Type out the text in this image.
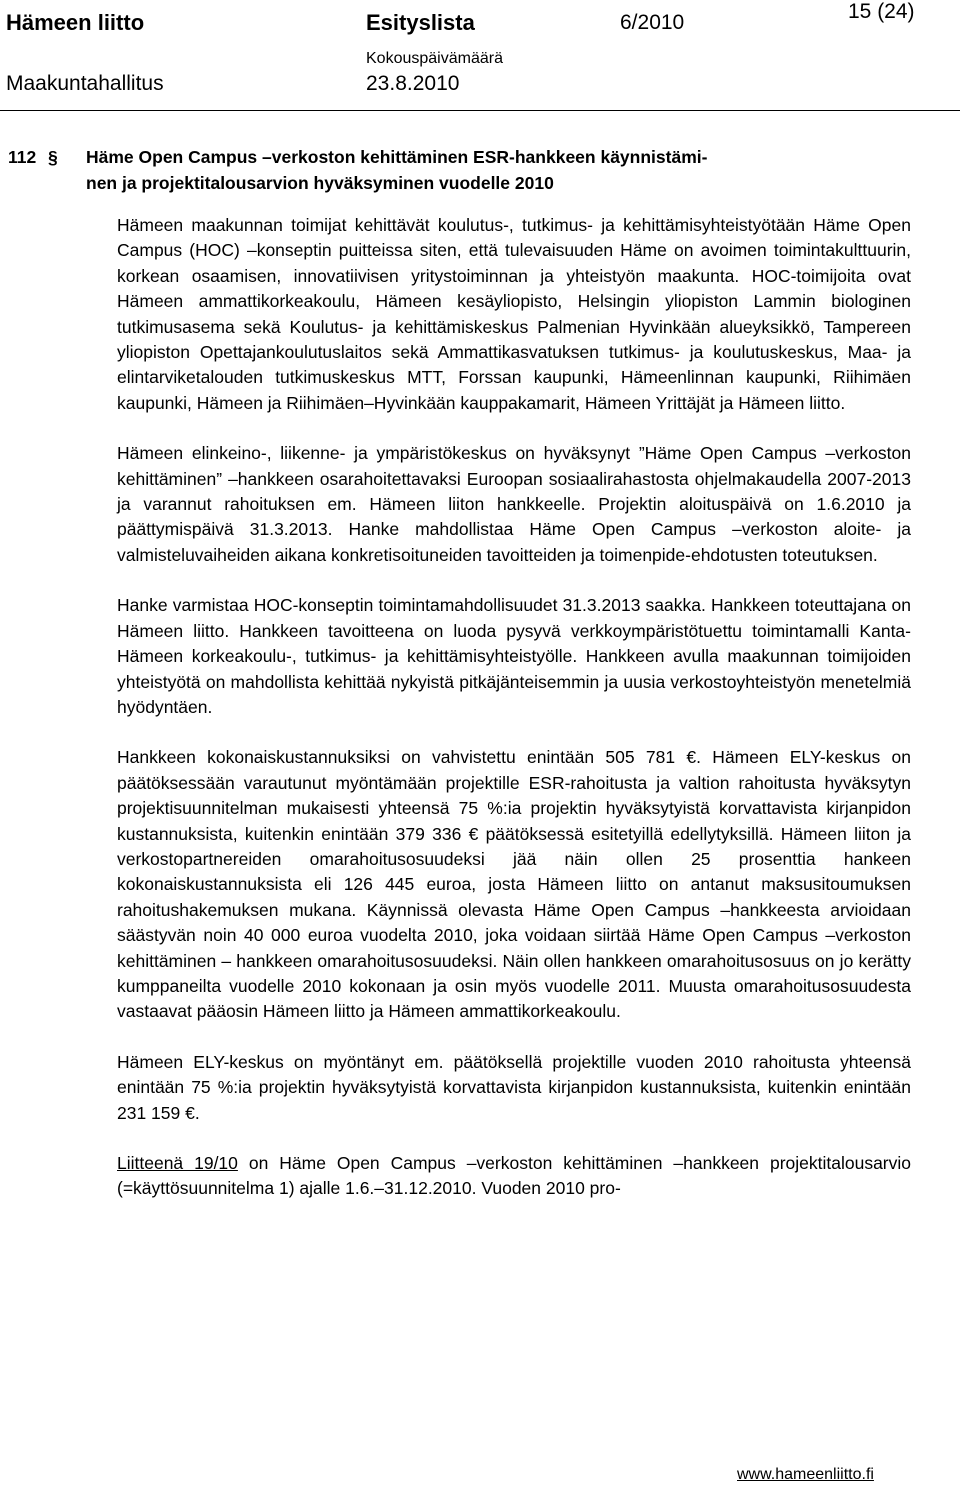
Hämeen liitto	Esityslista	6/2010	15 (24)
Maakuntahallitus
Kokouspäivämäärä
23.8.2010
112 § Häme Open Campus –verkoston kehittäminen ESR-hankkeen käynnistämi-
nen ja projektitalousarvion hyväksyminen vuodelle 2010

Hämeen maakunnan toimijat kehittävät koulutus-, tutkimus- ja kehittämisyhteistyötään Häme Open Campus (HOC) –konseptin puitteissa siten, että tulevaisuuden Häme on avoimen toimintakulttuurin, korkean osaamisen, innovatiivisen yritystoiminnan ja yhteistyön maakunta. HOC-toimijoita ovat Hämeen ammattikorkeakoulu, Hämeen kesäyliopisto, Helsingin yliopiston Lammin biologinen tutkimusasema sekä Koulutus- ja kehittämiskeskus Palmenian Hyvinkään alueyksikkö, Tampereen yliopiston Opettajankoulutuslaitos sekä Ammattikasvatuksen tutkimus- ja koulutuskeskus, Maa- ja elintarviketalouden tutkimuskeskus MTT, Forssan kaupunki, Hämeenlinnan kaupunki, Riihimäen kaupunki, Hämeen ja Riihimäen–Hyvinkään kauppakamarit, Hämeen Yrittäjät ja Hämeen liitto.

Hämeen elinkeino-, liikenne- ja ympäristökeskus on hyväksynyt ”Häme Open Campus –verkoston kehittäminen” –hankkeen osarahoitettavaksi Euroopan sosiaalirahastosta ohjelmakaudella 2007-2013 ja varannut rahoituksen em. Hämeen liiton hankkeelle. Projektin aloituspäivä on 1.6.2010 ja päättymispäivä 31.3.2013. Hanke mahdollistaa Häme Open Campus –verkoston aloite- ja valmisteluvaiheiden aikana konkretisoituneiden tavoitteiden ja toimenpide-ehdotusten toteutuksen.

Hanke varmistaa HOC-konseptin toimintamahdollisuudet 31.3.2013 saakka. Hankkeen toteuttajana on Hämeen liitto. Hankkeen tavoitteena on luoda pysyvä verkkoympäristötuettu toimintamalli Kanta-Hämeen korkeakoulu-, tutkimus- ja kehittämisyhteistyölle. Hankkeen avulla maakunnan toimijoiden yhteistyötä on mahdollista kehittää nykyistä pitkäjänteisemmin ja uusia verkostoyhteistyön menetelmiä hyödyntäen.

Hankkeen kokonaiskustannuksiksi on vahvistettu enintään 505 781 €. Hämeen ELY-keskus on päätöksessään varautunut myöntämään projektille ESR-rahoitusta ja valtion rahoitusta hyväksytyn projektisuunnitelman mukaisesti yhteensä 75 %:ia projektin hyväksytyistä korvattavista kirjanpidon kustannuksista, kuitenkin enintään 379 336 € päätöksessä esitetyillä edellytyksillä. Hämeen liiton ja verkostopartnereiden omarahoitusosuudeksi jää näin ollen 25 prosenttia hankeen kokonaiskustannuksista eli 126 445 euroa, josta Hämeen liitto on antanut maksusitoumuksen rahoitushakemuksen mukana. Käynnissä olevasta Häme Open Campus –hankkeesta arvioidaan säästyvän noin 40 000 euroa vuodelta 2010, joka voidaan siirtää Häme Open Campus –verkoston kehittäminen – hankkeen omarahoitusosuudeksi. Näin ollen hankkeen omarahoitusosuus on jo kerätty kumppaneilta vuodelle 2010 kokonaan ja osin myös vuodelle 2011. Muusta omarahoitusosuudesta vastaavat pääosin Hämeen liitto ja Hämeen ammattikorkeakoulu.

Hämeen ELY-keskus on myöntänyt em. päätöksellä projektille vuoden 2010 rahoitusta yhteensä enintään 75 %:ia projektin hyväksytyistä korvattavista kirjanpidon kustannuksista, kuitenkin enintään 231 159 €.

Liitteenä 19/10 on Häme Open Campus –verkoston kehittäminen –hankkeen projektitalousarvio (=käyttösuunnitelma 1) ajalle 1.6.–31.12.2010. Vuoden 2010 pro-

www.hameenliitto.fi
